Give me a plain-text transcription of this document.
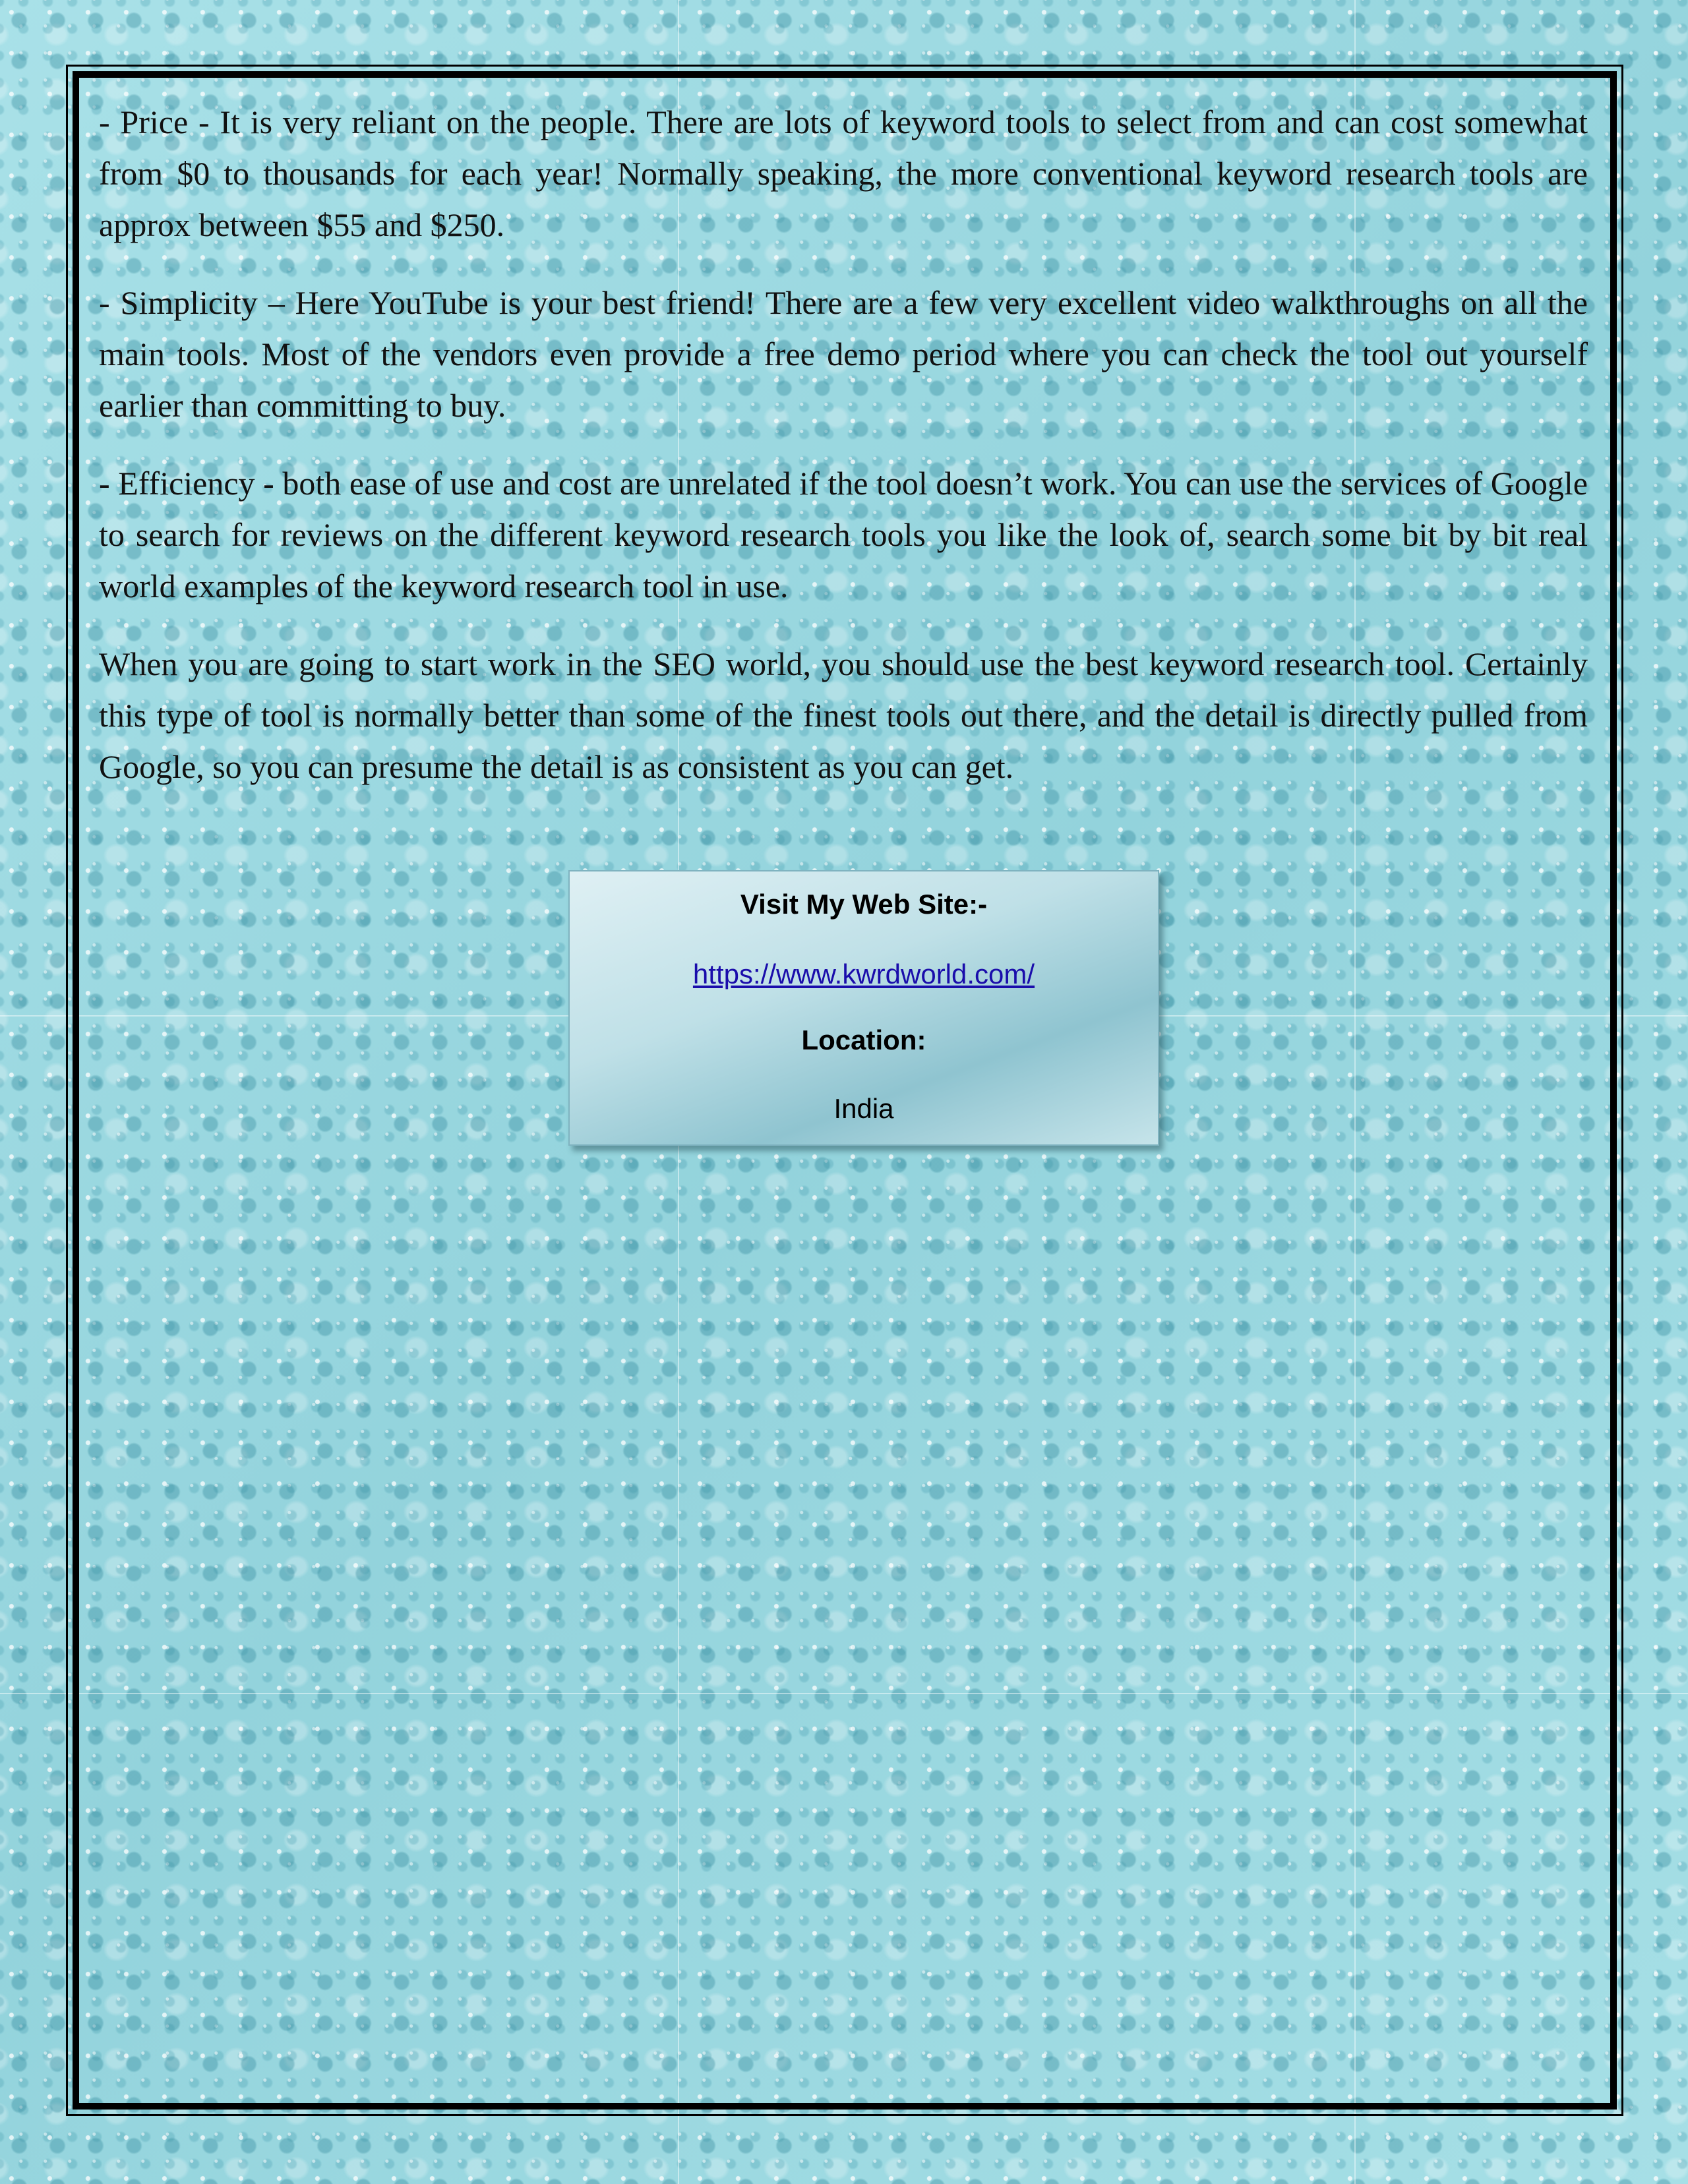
- Price - It is very reliant on the people. There are lots of keyword tools to select from and can cost somewhat from $0 to thousands for each year! Normally speaking, the more conventional keyword research tools are approx between $55 and $250.

- Simplicity – Here YouTube is your best friend! There are a few very excellent video walkthroughs on all the main tools. Most of the vendors even provide a free demo period where you can check the tool out yourself earlier than committing to buy.

- Efficiency - both ease of use and cost are unrelated if the tool doesn’t work. You can use the services of Google to search for reviews on the different keyword research tools you like the look of, search some bit by bit real world examples of the keyword research tool in use.

When you are going to start work in the SEO world, you should use the best keyword research tool. Certainly this type of tool is normally better than some of the finest tools out there, and the detail is directly pulled from Google, so you can presume the detail is as consistent as you can get.

Visit My Web Site:-
https://www.kwrdworld.com/
Location:
India
